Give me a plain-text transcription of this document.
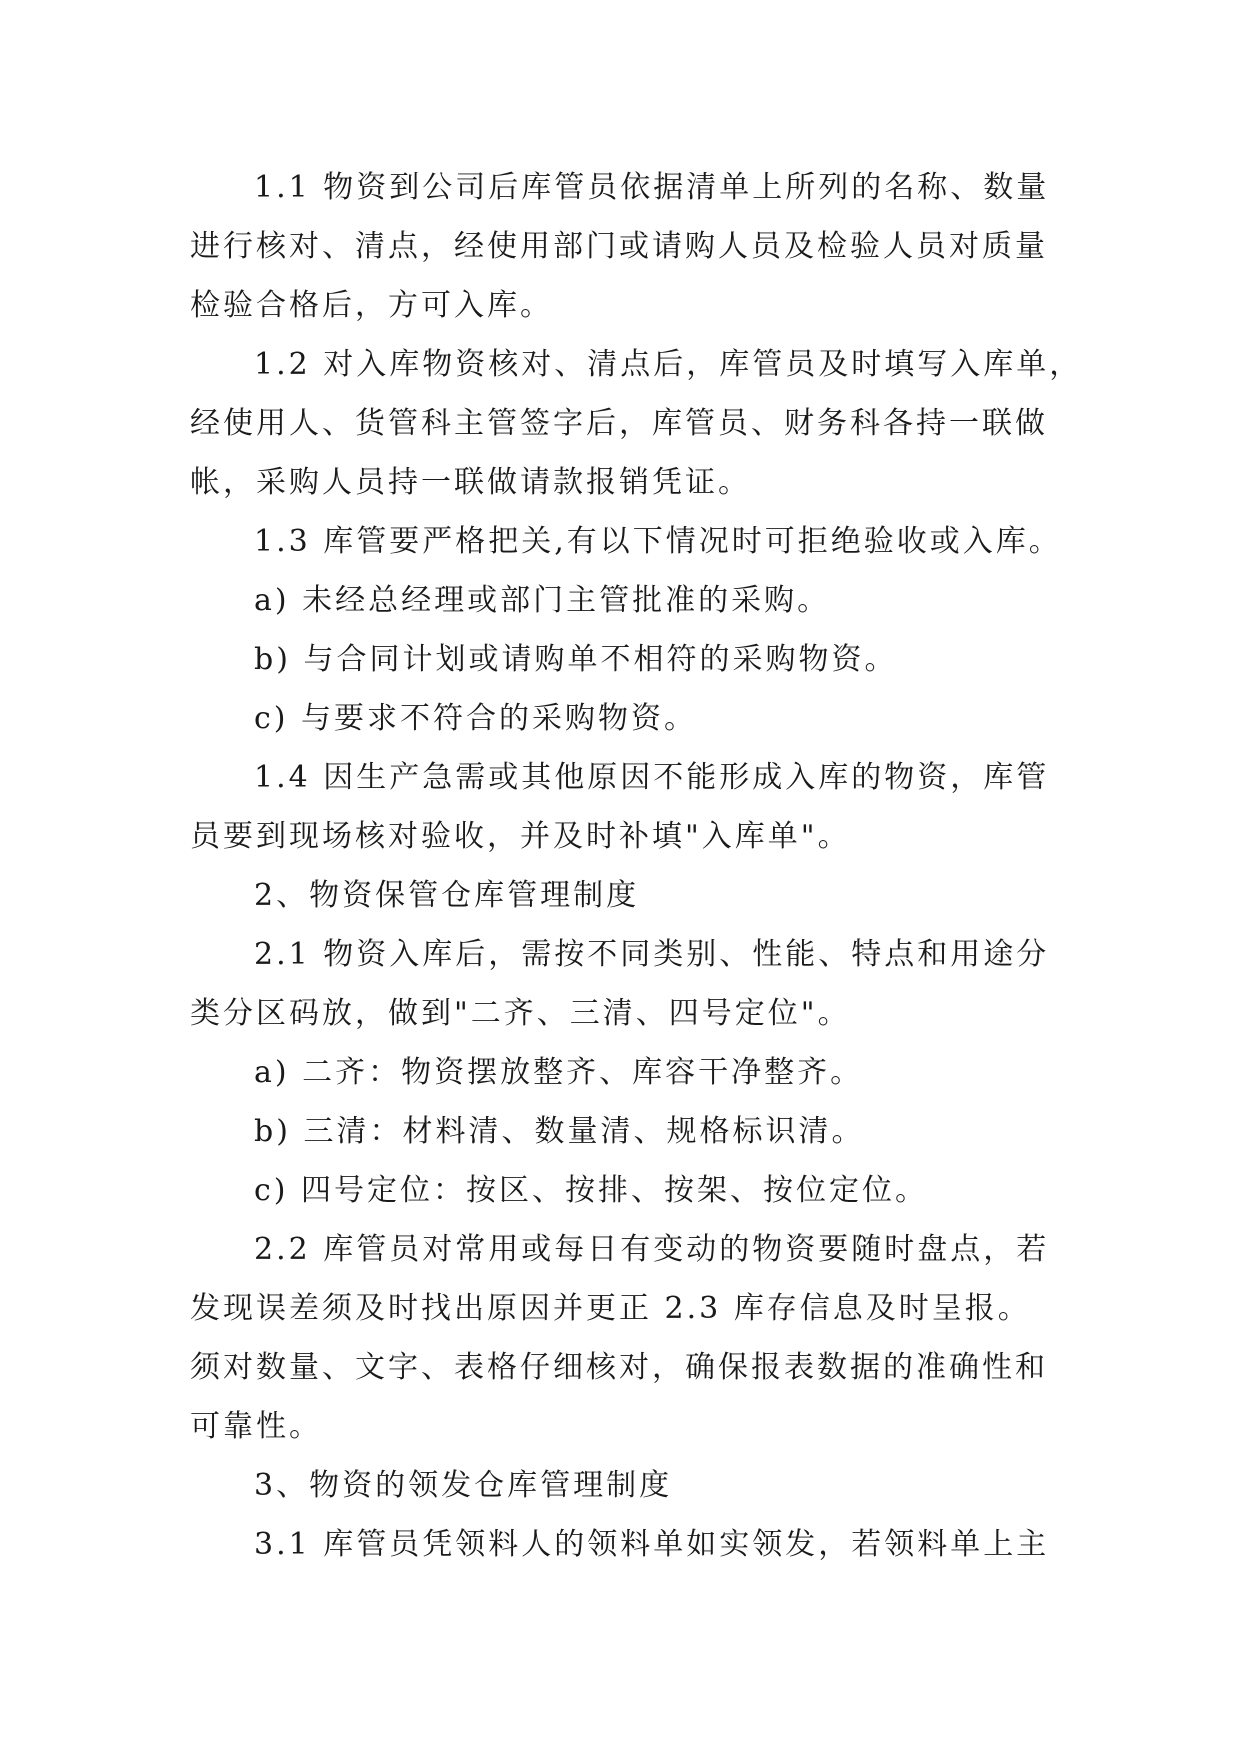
1.1 物资到公司后库管员依据清单上所列的名称、数量
进行核对、清点，经使用部门或请购人员及检验人员对质量
检验合格后，方可入库。
1.2 对入库物资核对、清点后，库管员及时填写入库单，
经使用人、货管科主管签字后，库管员、财务科各持一联做
帐，采购人员持一联做请款报销凭证。
1.3 库管要严格把关,有以下情况时可拒绝验收或入库。
a) 未经总经理或部门主管批准的采购。
b) 与合同计划或请购单不相符的采购物资。
c) 与要求不符合的采购物资。
1.4 因生产急需或其他原因不能形成入库的物资，库管
员要到现场核对验收，并及时补填"入库单"。
2、物资保管仓库管理制度
2.1 物资入库后，需按不同类别、性能、特点和用途分
类分区码放，做到"二齐、三清、四号定位"。
a) 二齐：物资摆放整齐、库容干净整齐。
b) 三清：材料清、数量清、规格标识清。
c) 四号定位：按区、按排、按架、按位定位。
2.2 库管员对常用或每日有变动的物资要随时盘点，若
发现误差须及时找出原因并更正 2.3 库存信息及时呈报。
须对数量、文字、表格仔细核对，确保报表数据的准确性和
可靠性。
3、物资的领发仓库管理制度
3.1 库管员凭领料人的领料单如实领发，若领料单上主
